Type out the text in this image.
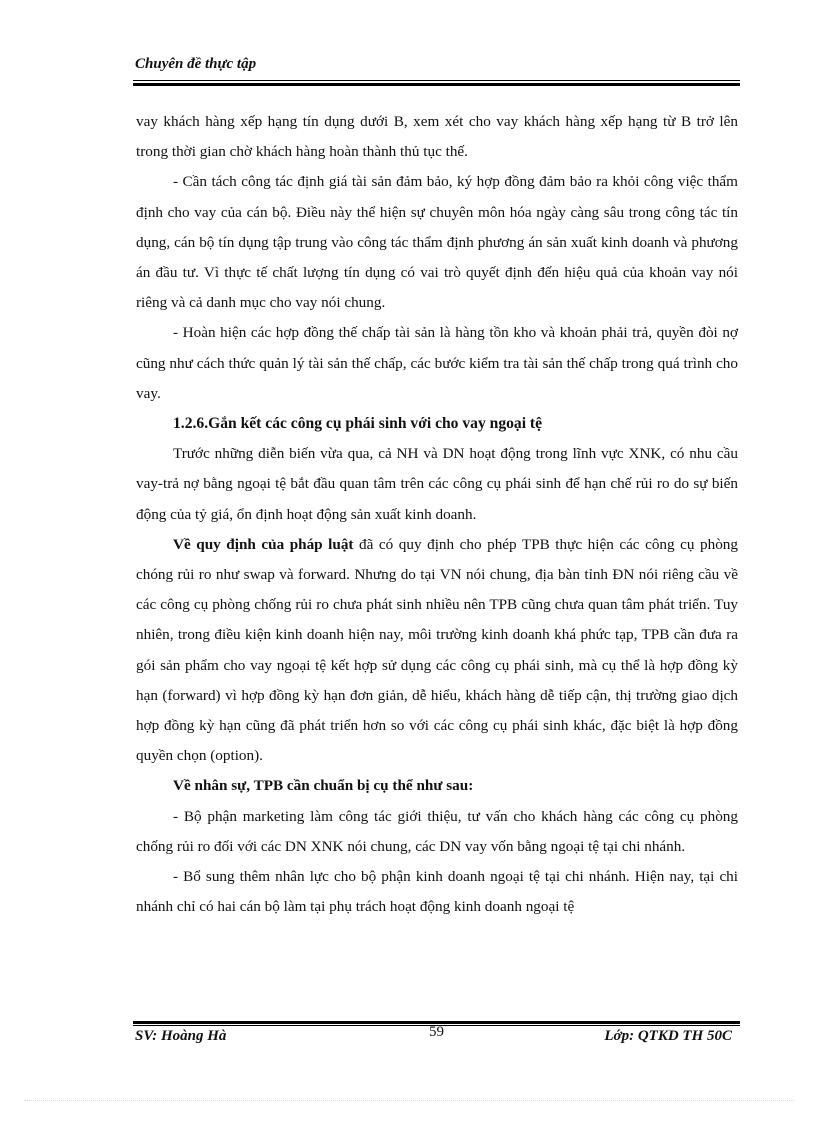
Chuyên đề thực tập

vay khách hàng xếp hạng tín dụng dưới B, xem xét cho vay khách hàng xếp hạng từ B trở lên trong thời gian chờ khách hàng hoàn thành thủ tục thế.

- Cần tách công tác định giá tài sản đảm bảo, ký hợp đồng đảm bảo ra khỏi công việc thẩm định cho vay của cán bộ. Điều này thể hiện sự chuyên môn hóa ngày càng sâu trong công tác tín dụng, cán bộ tín dụng tập trung vào công tác thẩm định phương án sản xuất kinh doanh và phương án đầu tư. Vì thực tế chất lượng tín dụng có vai trò quyết định đến hiệu quả của khoản vay nói riêng và cả danh mục cho vay nói chung.

- Hoàn hiện các hợp đồng thế chấp tài sản là hàng tồn kho và khoản phải trả, quyền đòi nợ cũng như cách thức quản lý tài sản thế chấp, các bước kiểm tra tài sản thế chấp trong quá trình cho vay.

1.2.6.Gắn kết các công cụ phái sinh với cho vay ngoại tệ

Trước những diễn biến vừa qua, cả NH và DN hoạt động trong lĩnh vực XNK, có nhu cầu vay-trả nợ bằng ngoại tệ bắt đầu quan tâm trên các công cụ phái sinh để hạn chế rủi ro do sự biến động của tỷ giá, ổn định hoạt động sản xuất kinh doanh.

Về quy định của pháp luật đã có quy định cho phép TPB thực hiện các công cụ phòng chóng rủi ro như swap và forward. Nhưng do tại VN nói chung, địa bàn tỉnh ĐN nói riêng cầu về các công cụ phòng chống rủi ro chưa phát sinh nhiều nên TPB cũng chưa quan tâm phát triển. Tuy nhiên, trong điều kiện kinh doanh hiện nay, môi trường kinh doanh khá phức tạp, TPB cần đưa ra gói sản phẩm cho vay ngoại tệ kết hợp sử dụng các công cụ phái sinh, mà cụ thể là hợp đồng kỳ hạn (forward) vì hợp đồng kỳ hạn đơn giản, dễ hiểu, khách hàng dễ tiếp cận, thị trường giao dịch hợp đồng kỳ hạn cũng đã phát triển hơn so với các công cụ phái sinh khác, đặc biệt là hợp đồng quyền chọn (option).

Về nhân sự, TPB cần chuẩn bị cụ thể như sau:

- Bộ phận marketing làm công tác giới thiệu, tư vấn cho khách hàng các công cụ phòng chống rủi ro đối với các DN XNK nói chung, các DN vay vốn bằng ngoại tệ tại chi nhánh.

- Bổ sung thêm nhân lực cho bộ phận kinh doanh ngoại tệ tại chi nhánh. Hiện nay, tại chi nhánh chỉ có hai cán bộ làm tại phụ trách hoạt động kinh doanh ngoại tệ

SV: Hoàng Hà	59	Lớp: QTKD TH 50C
